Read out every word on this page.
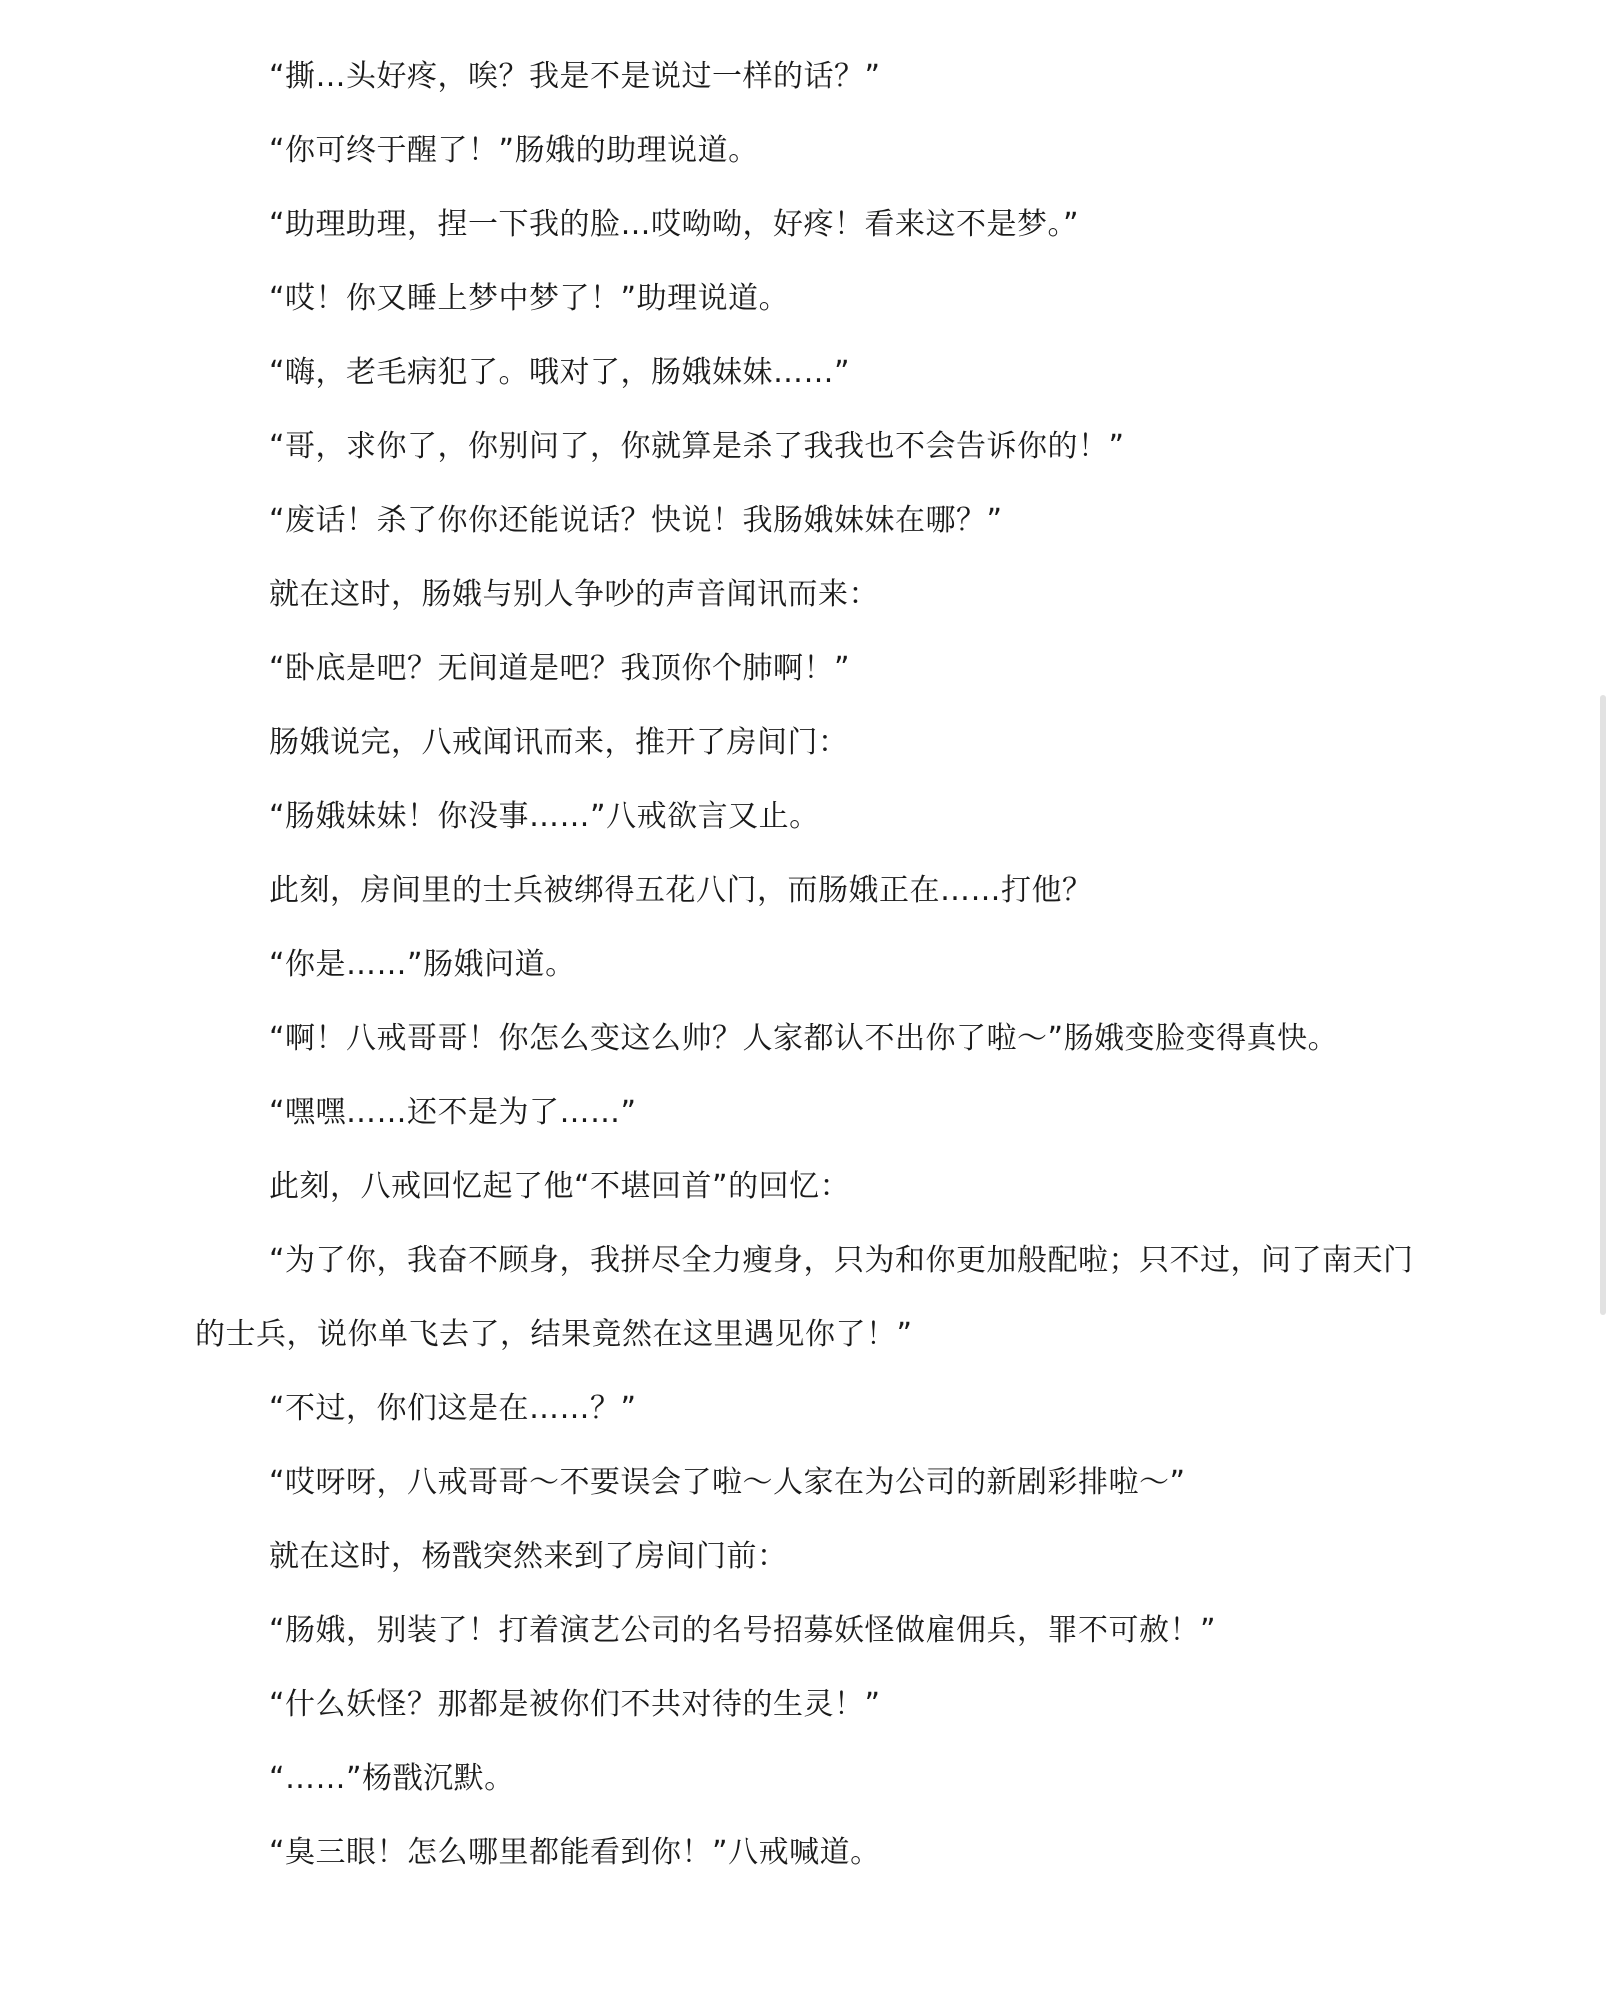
“撕…头好疼，唉？我是不是说过一样的话？”

“你可终于醒了！”肠娥的助理说道。

“助理助理，捏一下我的脸…哎呦呦，好疼！看来这不是梦。”

“哎！你又睡上梦中梦了！”助理说道。

“嗨，老毛病犯了。哦对了，肠娥妹妹……”

“哥，求你了，你别问了，你就算是杀了我我也不会告诉你的！”

“废话！杀了你你还能说话？快说！我肠娥妹妹在哪？”

就在这时，肠娥与别人争吵的声音闻讯而来：

“卧底是吧？无间道是吧？我顶你个肺啊！”

肠娥说完，八戒闻讯而来，推开了房间门：

“肠娥妹妹！你没事……”八戒欲言又止。

此刻，房间里的士兵被绑得五花八门，而肠娥正在……打他？

“你是……”肠娥问道。

“啊！八戒哥哥！你怎么变这么帅？人家都认不出你了啦～”肠娥变脸变得真快。

“嘿嘿……还不是为了……”

此刻，八戒回忆起了他“不堪回首”的回忆：

“为了你，我奋不顾身，我拼尽全力瘦身，只为和你更加般配啦；只不过，问了南天门的士兵，说你单飞去了，结果竟然在这里遇见你了！”

“不过，你们这是在……？”

“哎呀呀，八戒哥哥～不要误会了啦～人家在为公司的新剧彩排啦～”

就在这时，杨戬突然来到了房间门前：

“肠娥，别装了！打着演艺公司的名号招募妖怪做雇佣兵，罪不可赦！”

“什么妖怪？那都是被你们不共对待的生灵！”

“……”杨戬沉默。

“臭三眼！怎么哪里都能看到你！”八戒喊道。
